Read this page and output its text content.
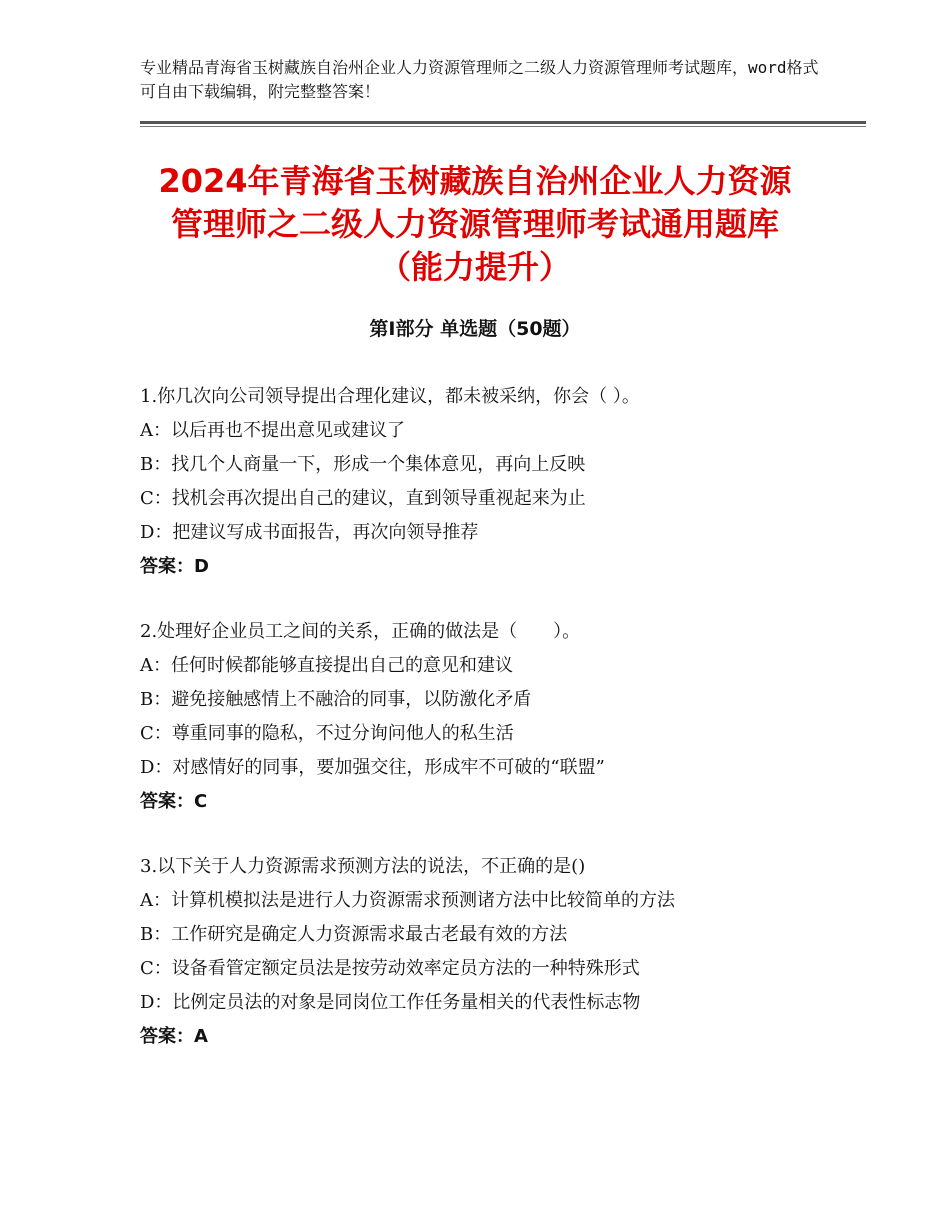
专业精品青海省玉树藏族自治州企业人力资源管理师之二级人力资源管理师考试题库，word格式可自由下载编辑，附完整整答案！
2024年青海省玉树藏族自治州企业人力资源
管理师之二级人力资源管理师考试通用题库
（能力提升）
第Ⅰ部分 单选题（50题）
1.你几次向公司领导提出合理化建议，都未被采纳，你会（ ）。
A：以后再也不提出意见或建议了
B：找几个人商量一下，形成一个集体意见，再向上反映
C：找机会再次提出自己的建议，直到领导重视起来为止
D：把建议写成书面报告，再次向领导推荐
答案：D
2.处理好企业员工之间的关系，正确的做法是（　　）。
A：任何时候都能够直接提出自己的意见和建议
B：避免接触感情上不融洽的同事，以防激化矛盾
C：尊重同事的隐私，不过分询问他人的私生活
D：对感情好的同事，要加强交往，形成牢不可破的“联盟”
答案：C
3.以下关于人力资源需求预测方法的说法，不正确的是()
A：计算机模拟法是进行人力资源需求预测诸方法中比较简单的方法
B：工作研究是确定人力资源需求最古老最有效的方法
C：设备看管定额定员法是按劳动效率定员方法的一种特殊形式
D：比例定员法的对象是同岗位工作任务量相关的代表性标志物
答案：A
